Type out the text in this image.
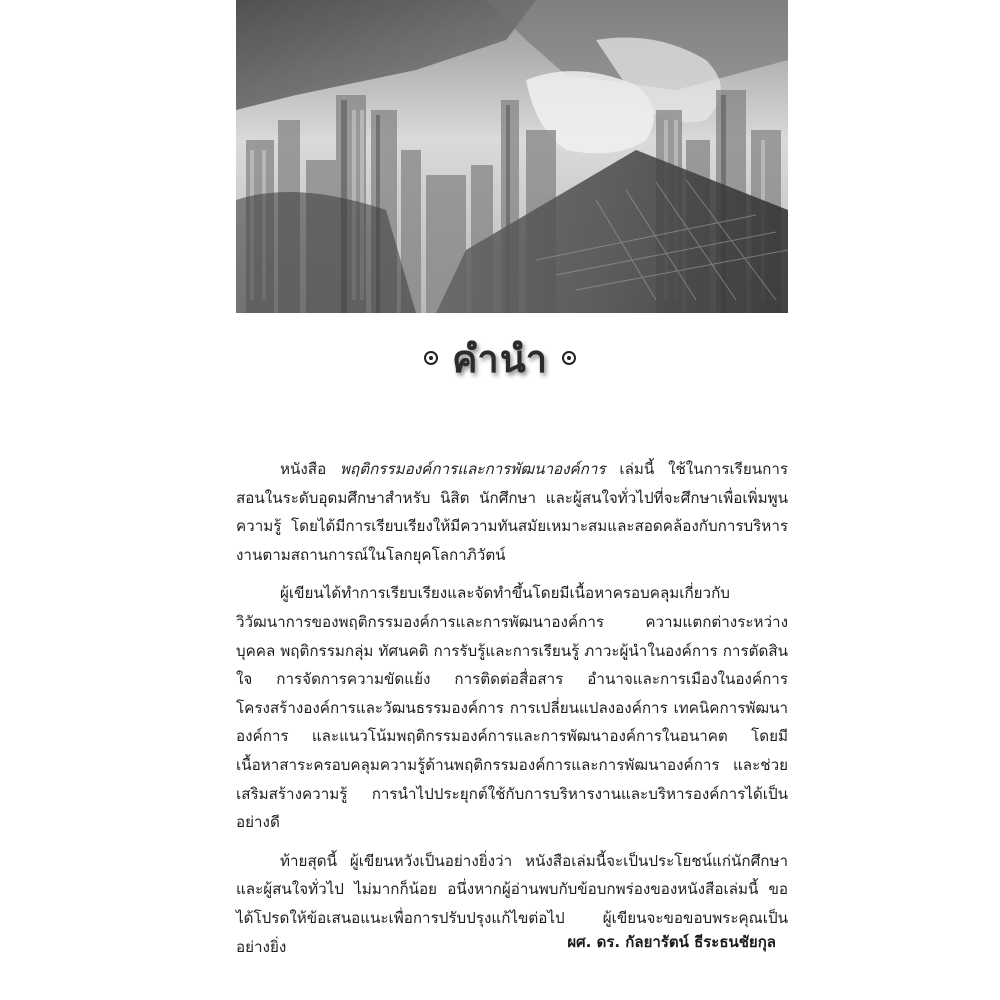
คำนำ

หนังสือ พฤติกรรมองค์การและการพัฒนาองค์การ เล่มนี้ ใช้ในการเรียนการสอนในระดับอุดมศึกษาสำหรับ นิสิต นักศึกษา และผู้สนใจทั่วไปที่จะศึกษาเพื่อเพิ่มพูนความรู้ โดยได้มีการเรียบเรียงให้มีความทันสมัยเหมาะสมและสอดคล้องกับการบริหารงานตามสถานการณ์ในโลกยุคโลกาภิวัตน์

ผู้เขียนได้ทำการเรียบเรียงและจัดทำขึ้นโดยมีเนื้อหาครอบคลุมเกี่ยวกับวิวัฒนาการของพฤติกรรมองค์การและการพัฒนาองค์การ ความแตกต่างระหว่างบุคคล พฤติกรรมกลุ่ม ทัศนคติ การรับรู้และการเรียนรู้ ภาวะผู้นำในองค์การ การตัดสินใจ การจัดการความขัดแย้ง การติดต่อสื่อสาร อำนาจและการเมืองในองค์การ โครงสร้างองค์การและวัฒนธรรมองค์การ การเปลี่ยนแปลงองค์การ เทคนิคการพัฒนาองค์การ และแนวโน้มพฤติกรรมองค์การและการพัฒนาองค์การในอนาคต โดยมีเนื้อหาสาระครอบคลุมความรู้ด้านพฤติกรรมองค์การและการพัฒนาองค์การ และช่วยเสริมสร้างความรู้ การนำไปประยุกต์ใช้กับการบริหารงานและบริหารองค์การได้เป็นอย่างดี

ท้ายสุดนี้ ผู้เขียนหวังเป็นอย่างยิ่งว่า หนังสือเล่มนี้จะเป็นประโยชน์แก่นักศึกษา และผู้สนใจทั่วไป ไม่มากก็น้อย อนึ่งหากผู้อ่านพบกับข้อบกพร่องของหนังสือเล่มนี้ ขอได้โปรดให้ข้อเสนอแนะเพื่อการปรับปรุงแก้ไขต่อไป ผู้เขียนจะขอขอบพระคุณเป็นอย่างยิ่ง	ผศ. ดร. กัลยารัตน์ ธีระธนชัยกุล
